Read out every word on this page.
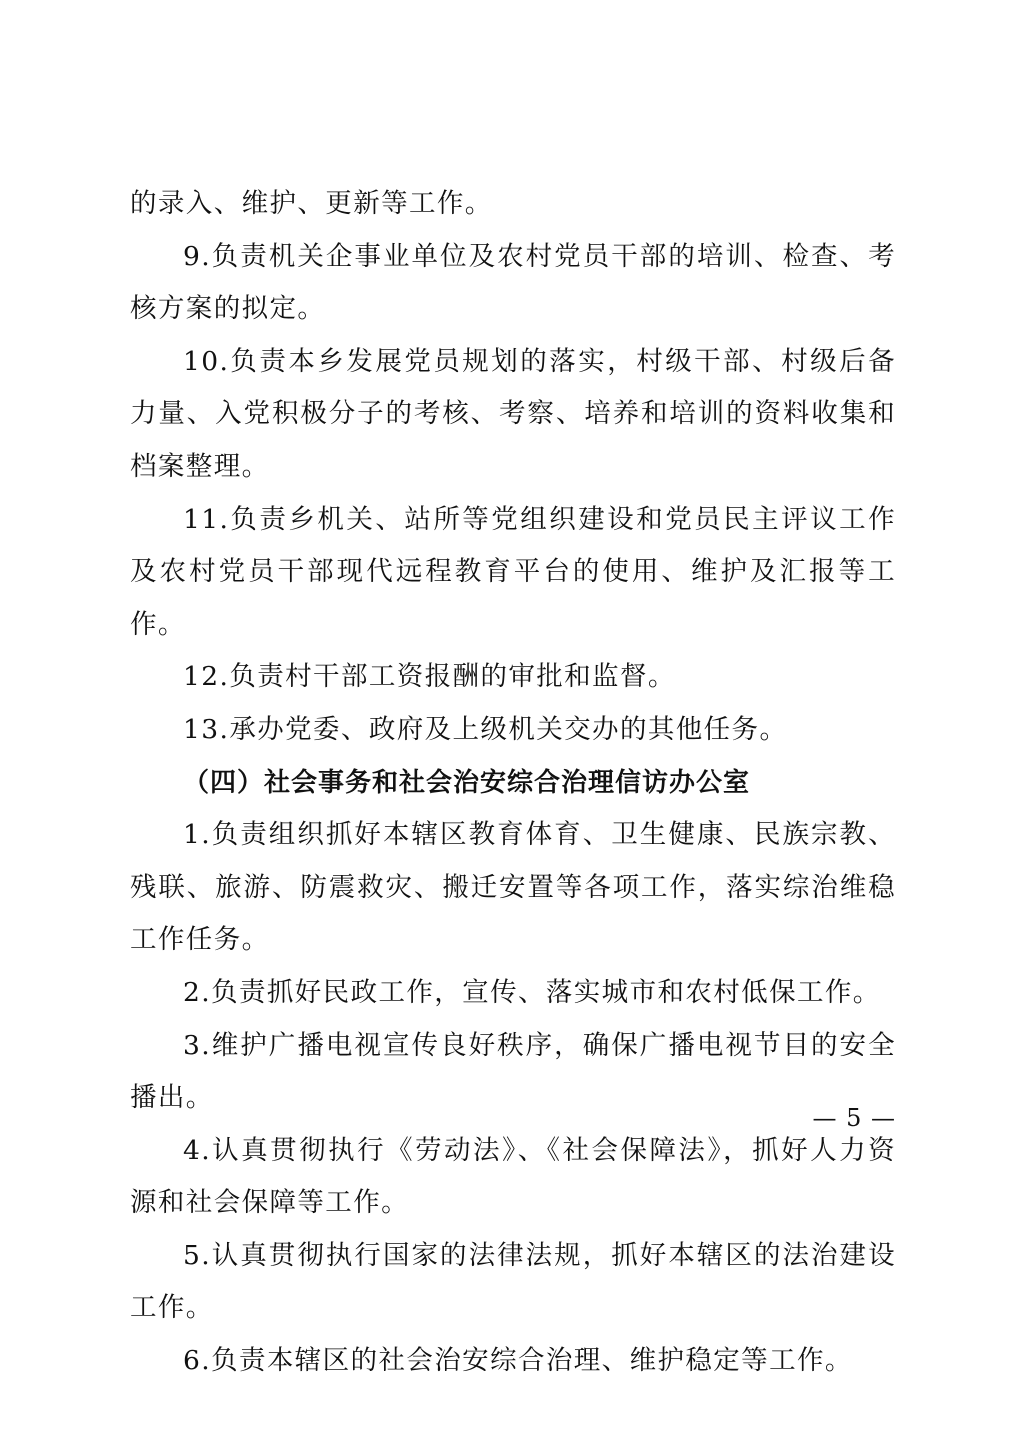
的录入、维护、更新等工作。

9.负责机关企事业单位及农村党员干部的培训、检查、考核方案的拟定。

10.负责本乡发展党员规划的落实，村级干部、村级后备力量、入党积极分子的考核、考察、培养和培训的资料收集和档案整理。

11.负责乡机关、站所等党组织建设和党员民主评议工作及农村党员干部现代远程教育平台的使用、维护及汇报等工作。

12.负责村干部工资报酬的审批和监督。

13.承办党委、政府及上级机关交办的其他任务。

（四）社会事务和社会治安综合治理信访办公室

1.负责组织抓好本辖区教育体育、卫生健康、民族宗教、残联、旅游、防震救灾、搬迁安置等各项工作，落实综治维稳工作任务。

2.负责抓好民政工作，宣传、落实城市和农村低保工作。

3.维护广播电视宣传良好秩序，确保广播电视节目的安全播出。

4.认真贯彻执行《劳动法》、《社会保障法》，抓好人力资源和社会保障等工作。

5.认真贯彻执行国家的法律法规，抓好本辖区的法治建设工作。

6.负责本辖区的社会治安综合治理、维护稳定等工作。

— 5 —
